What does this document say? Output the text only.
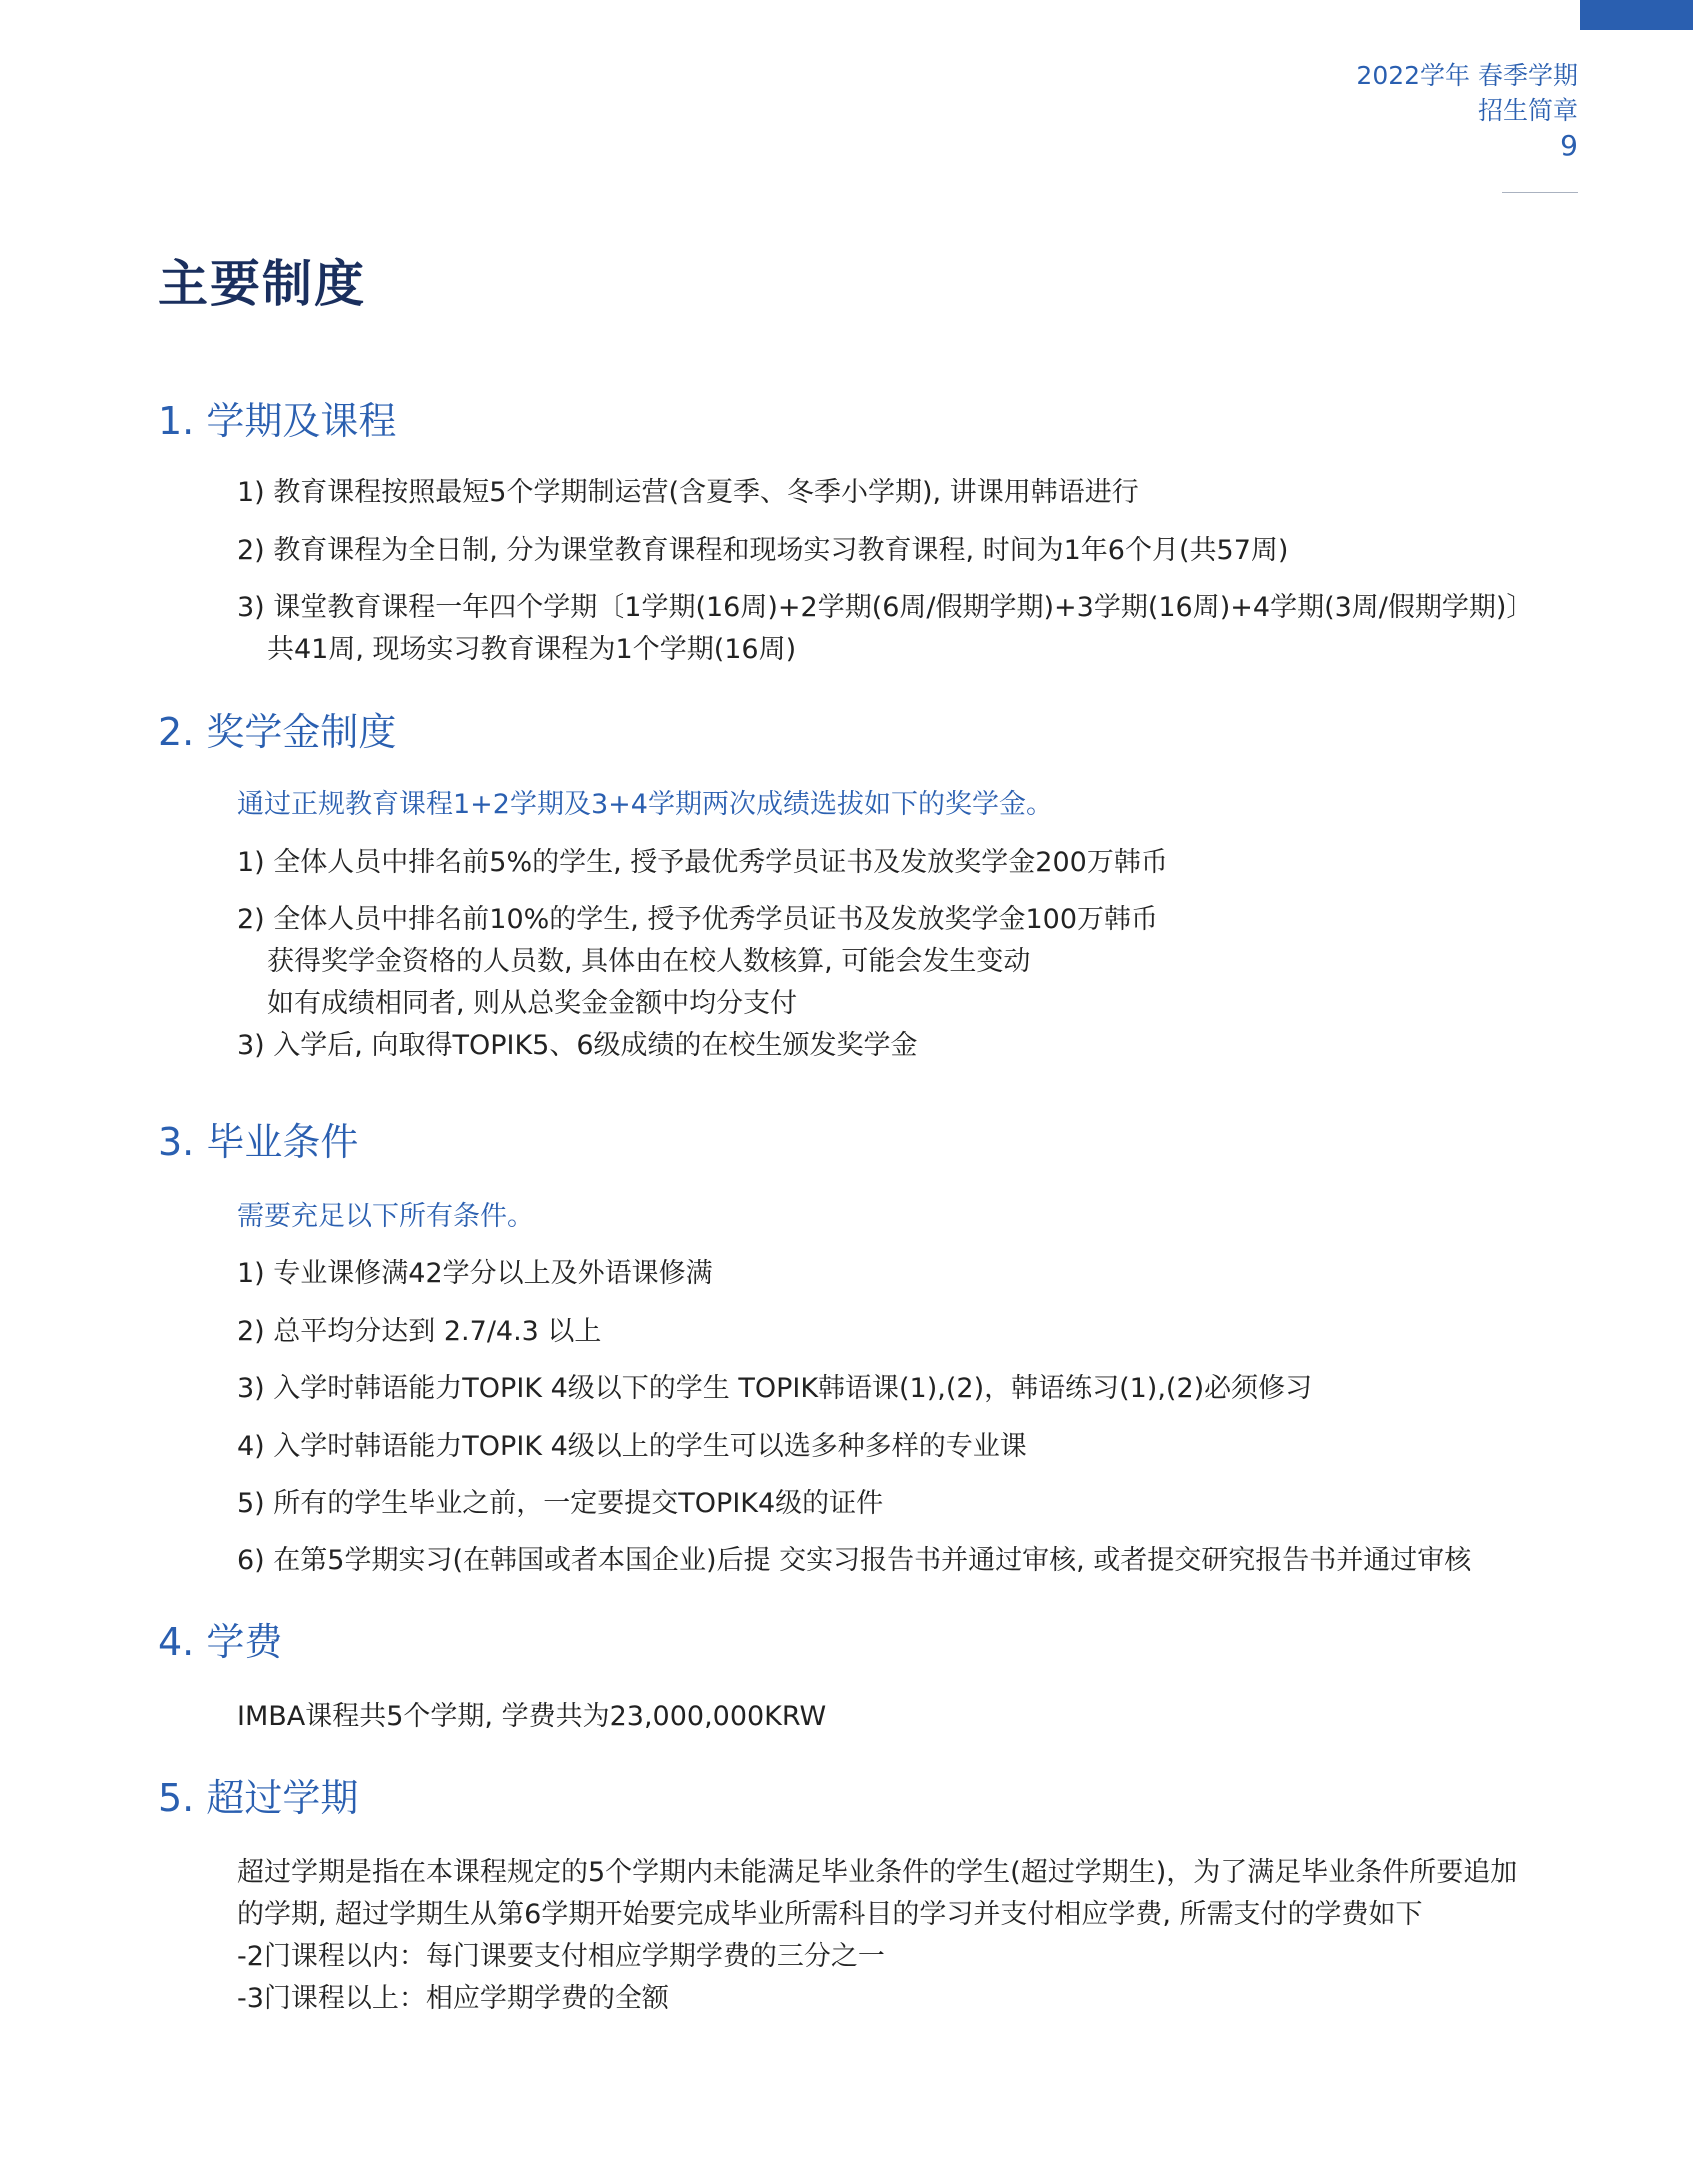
2022学年 春季学期
招生简章
9
主要制度
1. 学期及课程
1) 教育课程按照最短5个学期制运营(含夏季、冬季小学期), 讲课用韩语进行
2) 教育课程为全日制, 分为课堂教育课程和现场实习教育课程, 时间为1年6个月(共57周)
3) 课堂教育课程一年四个学期〔1学期(16周)+2学期(6周/假期学期)+3学期(16周)+4学期(3周/假期学期)〕
共41周, 现场实习教育课程为1个学期(16周)
2. 奖学金制度
通过正规教育课程1+2学期及3+4学期两次成绩选拔如下的奖学金。
1) 全体人员中排名前5%的学生, 授予最优秀学员证书及发放奖学金200万韩币
2) 全体人员中排名前10%的学生, 授予优秀学员证书及发放奖学金100万韩币
获得奖学金资格的人员数, 具体由在校人数核算, 可能会发生变动
如有成绩相同者, 则从总奖金金额中均分支付
3) 入学后, 向取得TOPIK5、6级成绩的在校生颁发奖学金
3. 毕业条件
需要充足以下所有条件。
1) 专业课修满42学分以上及外语课修满
2) 总平均分达到 2.7/4.3 以上
3) 入学时韩语能力TOPIK 4级以下的学生 TOPIK韩语课(1),(2)，韩语练习(1),(2)必须修习
4) 入学时韩语能力TOPIK 4级以上的学生可以选多种多样的专业课
5) 所有的学生毕业之前，一定要提交TOPIK4级的证件
6) 在第5学期实习(在韩国或者本国企业)后提 交实习报告书并通过审核, 或者提交研究报告书并通过审核
4. 学费
IMBA课程共5个学期, 学费共为23,000,000KRW
5. 超过学期
超过学期是指在本课程规定的5个学期内未能满足毕业条件的学生(超过学期生)，为了满足毕业条件所要追加
的学期, 超过学期生从第6学期开始要完成毕业所需科目的学习并支付相应学费, 所需支付的学费如下
-2门课程以内：每门课要支付相应学期学费的三分之一
-3门课程以上：相应学期学费的全额
